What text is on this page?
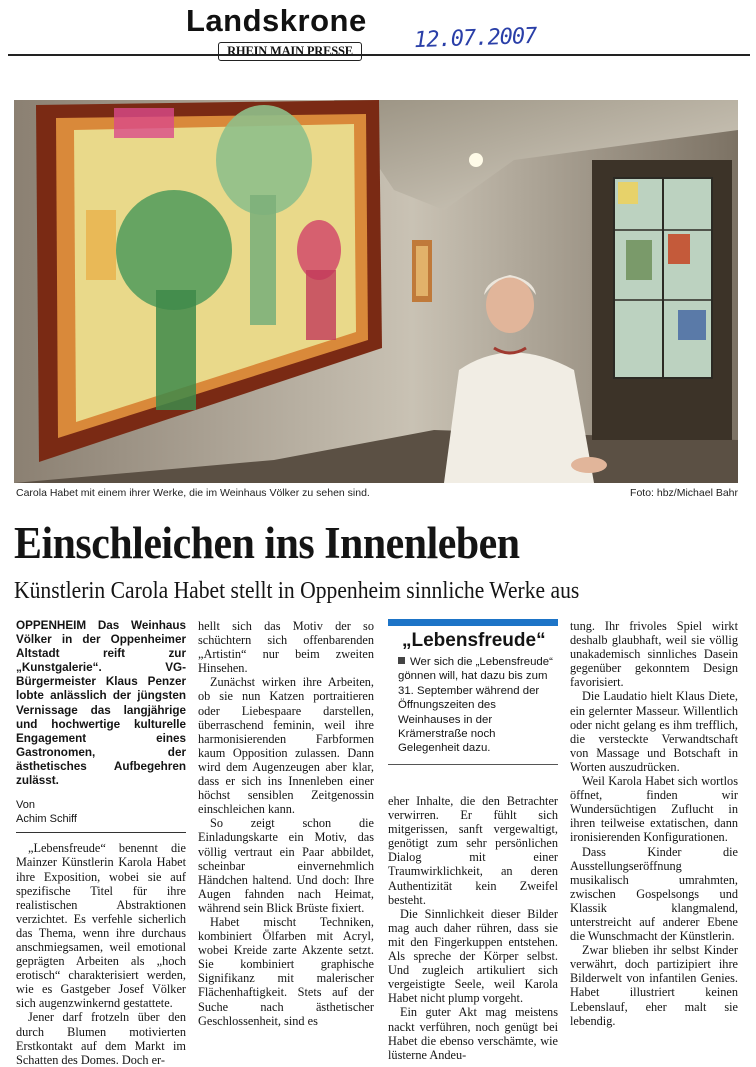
Landskrone
RHEIN MAIN PRESSE	12.07.2007
Carola Habet mit einem ihrer Werke, die im Weinhaus Völker zu sehen sind.	Foto: hbz/Michael Bahr
Einschleichen ins Innenleben
Künstlerin Carola Habet stellt in Oppenheim sinnliche Werke aus
OPPENHEIM Das Weinhaus Völker in der Oppenheimer Altstadt reift zur „Kunstgalerie“. VG-Bürgermeister Klaus Penzer lobte anlässlich der jüngsten Vernissage das langjährige und hochwertige kulturelle Engagement eines Gastronomen, der ästhetisches Aufbegehren zulässt.
Von
Achim Schiff

„Lebensfreude“ benennt die Mainzer Künstlerin Karola Habet ihre Exposition, wobei sie auf spezifische Titel für ihre realistischen Abstraktionen verzichtet. Es verfehle sicherlich das Thema, wenn ihre durchaus anschmiegsamen, weil emotional geprägten Arbeiten als „hoch erotisch“ charakterisiert werden, wie es Gastgeber Josef Völker sich augenzwinkernd gestattete.

Jener darf frotzeln über den durch Blumen motivierten Erstkontakt auf dem Markt im Schatten des Domes. Doch er-

hellt sich das Motiv der so schüchtern sich offenbarenden „Artistin“ nur beim zweiten Hinsehen.

Zunächst wirken ihre Arbeiten, ob sie nun Katzen portraitieren oder Liebespaare darstellen, überraschend feminin, weil ihre harmonisierenden Farbformen kaum Opposition zulassen. Dann wird dem Augenzeugen aber klar, dass er sich ins Innenleben einer höchst sensiblen Zeitgenossin einschleichen kann.

So zeigt schon die Einladungskarte ein Motiv, das völlig vertraut ein Paar abbildet, scheinbar einvernehmlich Händchen haltend. Und doch: Ihre Augen fahnden nach Heimat, während sein Blick Brüste fixiert.

Habet mischt Techniken, kombiniert Ölfarben mit Acryl, wobei Kreide zarte Akzente setzt. Sie kombiniert graphische Signifikanz mit malerischer Flächenhaftigkeit. Stets auf der Suche nach ästhetischer Geschlossenheit, sind es

„Lebensfreude“
Wer sich die „Lebensfreude“ gönnen will, hat dazu bis zum 31. September während der Öffnungszeiten des Weinhauses in der Krämerstraße noch Gelegenheit dazu.

eher Inhalte, die den Betrachter verwirren. Er fühlt sich mitgerissen, sanft vergewaltigt, genötigt zum sehr persönlichen Dialog mit einer Traumwirklichkeit, an deren Authentizität kein Zweifel besteht.

Die Sinnlichkeit dieser Bilder mag auch daher rühren, dass sie mit den Fingerkuppen entstehen. Als spreche der Körper selbst. Und zugleich artikuliert sich vergeistigte Seele, weil Karola Habet nicht plump vorgeht.

Ein guter Akt mag meistens nackt verführen, noch genügt bei Habet die ebenso verschämte, wie lüsterne Andeu-

tung. Ihr frivoles Spiel wirkt deshalb glaubhaft, weil sie völlig unakademisch sinnliches Dasein gegenüber gekonntem Design favorisiert.

Die Laudatio hielt Klaus Diete, ein gelernter Masseur. Willentlich oder nicht gelang es ihm trefflich, die versteckte Verwandtschaft von Massage und Botschaft in Worten auszudrücken.

Weil Karola Habet sich wortlos öffnet, finden wir Wundersüchtigen Zuflucht in ihren teilweise extatischen, dann ironisierenden Konfigurationen.

Dass Kinder die Ausstellungseröffnung musikalisch umrahmten, zwischen Gospelsongs und Klassik klangmalend, unterstreicht auf anderer Ebene die Wunschmacht der Künstlerin.

Zwar blieben ihr selbst Kinder verwährt, doch partizipiert ihre Bilderwelt von infantilen Genies. Habet illustriert keinen Lebenslauf, eher malt sie lebendig.
